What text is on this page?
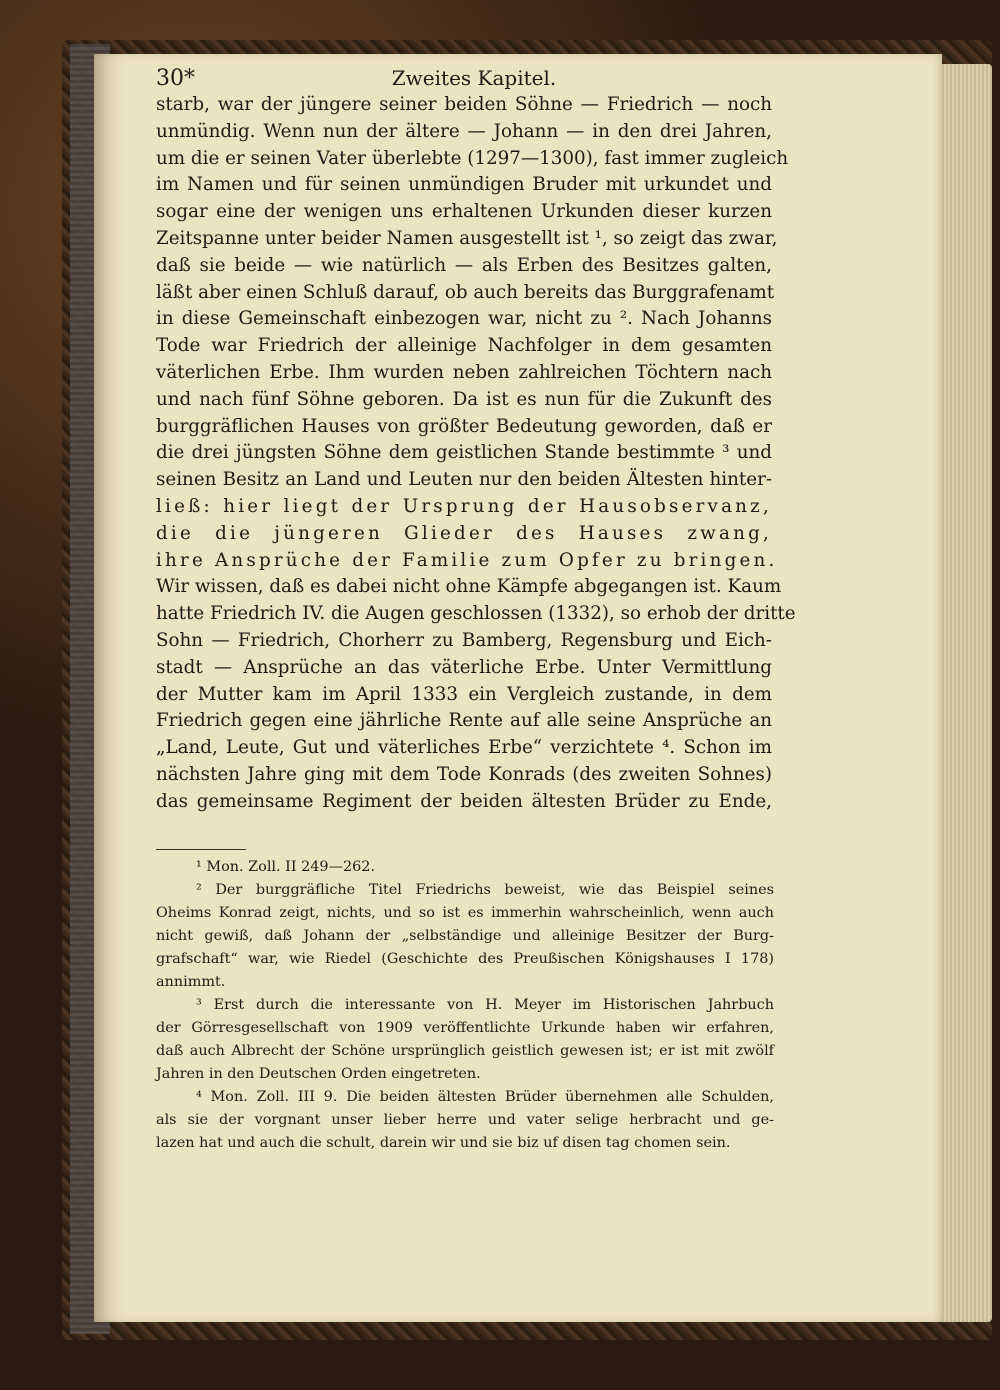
30*	Zweites Kapitel.
starb, war der jüngere seiner beiden Söhne — Friedrich — noch
unmündig. Wenn nun der ältere — Johann — in den drei Jahren,
um die er seinen Vater überlebte (1297—1300), fast immer zugleich
im Namen und für seinen unmündigen Bruder mit urkundet und
sogar eine der wenigen uns erhaltenen Urkunden dieser kurzen
Zeitspanne unter beider Namen ausgestellt ist ¹, so zeigt das zwar,
daß sie beide — wie natürlich — als Erben des Besitzes galten,
läßt aber einen Schluß darauf, ob auch bereits das Burggrafenamt
in diese Gemeinschaft einbezogen war, nicht zu ². Nach Johanns
Tode war Friedrich der alleinige Nachfolger in dem gesamten
väterlichen Erbe. Ihm wurden neben zahlreichen Töchtern nach
und nach fünf Söhne geboren. Da ist es nun für die Zukunft des
burggräflichen Hauses von größter Bedeutung geworden, daß er
die drei jüngsten Söhne dem geistlichen Stande bestimmte ³ und
seinen Besitz an Land und Leuten nur den beiden Ältesten hinter-
ließ: hier liegt der Ursprung der Hausobservanz,
die die jüngeren Glieder des Hauses zwang,
ihre Ansprüche der Familie zum Opfer zu bringen.
Wir wissen, daß es dabei nicht ohne Kämpfe abgegangen ist. Kaum
hatte Friedrich IV. die Augen geschlossen (1332), so erhob der dritte
Sohn — Friedrich, Chorherr zu Bamberg, Regensburg und Eich-
stadt — Ansprüche an das väterliche Erbe. Unter Vermittlung
der Mutter kam im April 1333 ein Vergleich zustande, in dem
Friedrich gegen eine jährliche Rente auf alle seine Ansprüche an
„Land, Leute, Gut und väterliches Erbe“ verzichtete ⁴. Schon im
nächsten Jahre ging mit dem Tode Konrads (des zweiten Sohnes)
das gemeinsame Regiment der beiden ältesten Brüder zu Ende,
¹ Mon. Zoll. II 249—262.
² Der burggräfliche Titel Friedrichs beweist, wie das Beispiel seines
Oheims Konrad zeigt, nichts, und so ist es immerhin wahrscheinlich, wenn auch
nicht gewiß, daß Johann der „selbständige und alleinige Besitzer der Burg-
grafschaft“ war, wie Riedel (Geschichte des Preußischen Königshauses I 178)
annimmt.
³ Erst durch die interessante von H. Meyer im Historischen Jahrbuch
der Görresgesellschaft von 1909 veröffentlichte Urkunde haben wir erfahren,
daß auch Albrecht der Schöne ursprünglich geistlich gewesen ist; er ist mit zwölf
Jahren in den Deutschen Orden eingetreten.
⁴ Mon. Zoll. III 9. Die beiden ältesten Brüder übernehmen alle Schulden,
als sie der vorgnant unser lieber herre und vater selige herbracht und ge-
lazen hat und auch die schult, darein wir und sie biz uf disen tag chomen sein.
